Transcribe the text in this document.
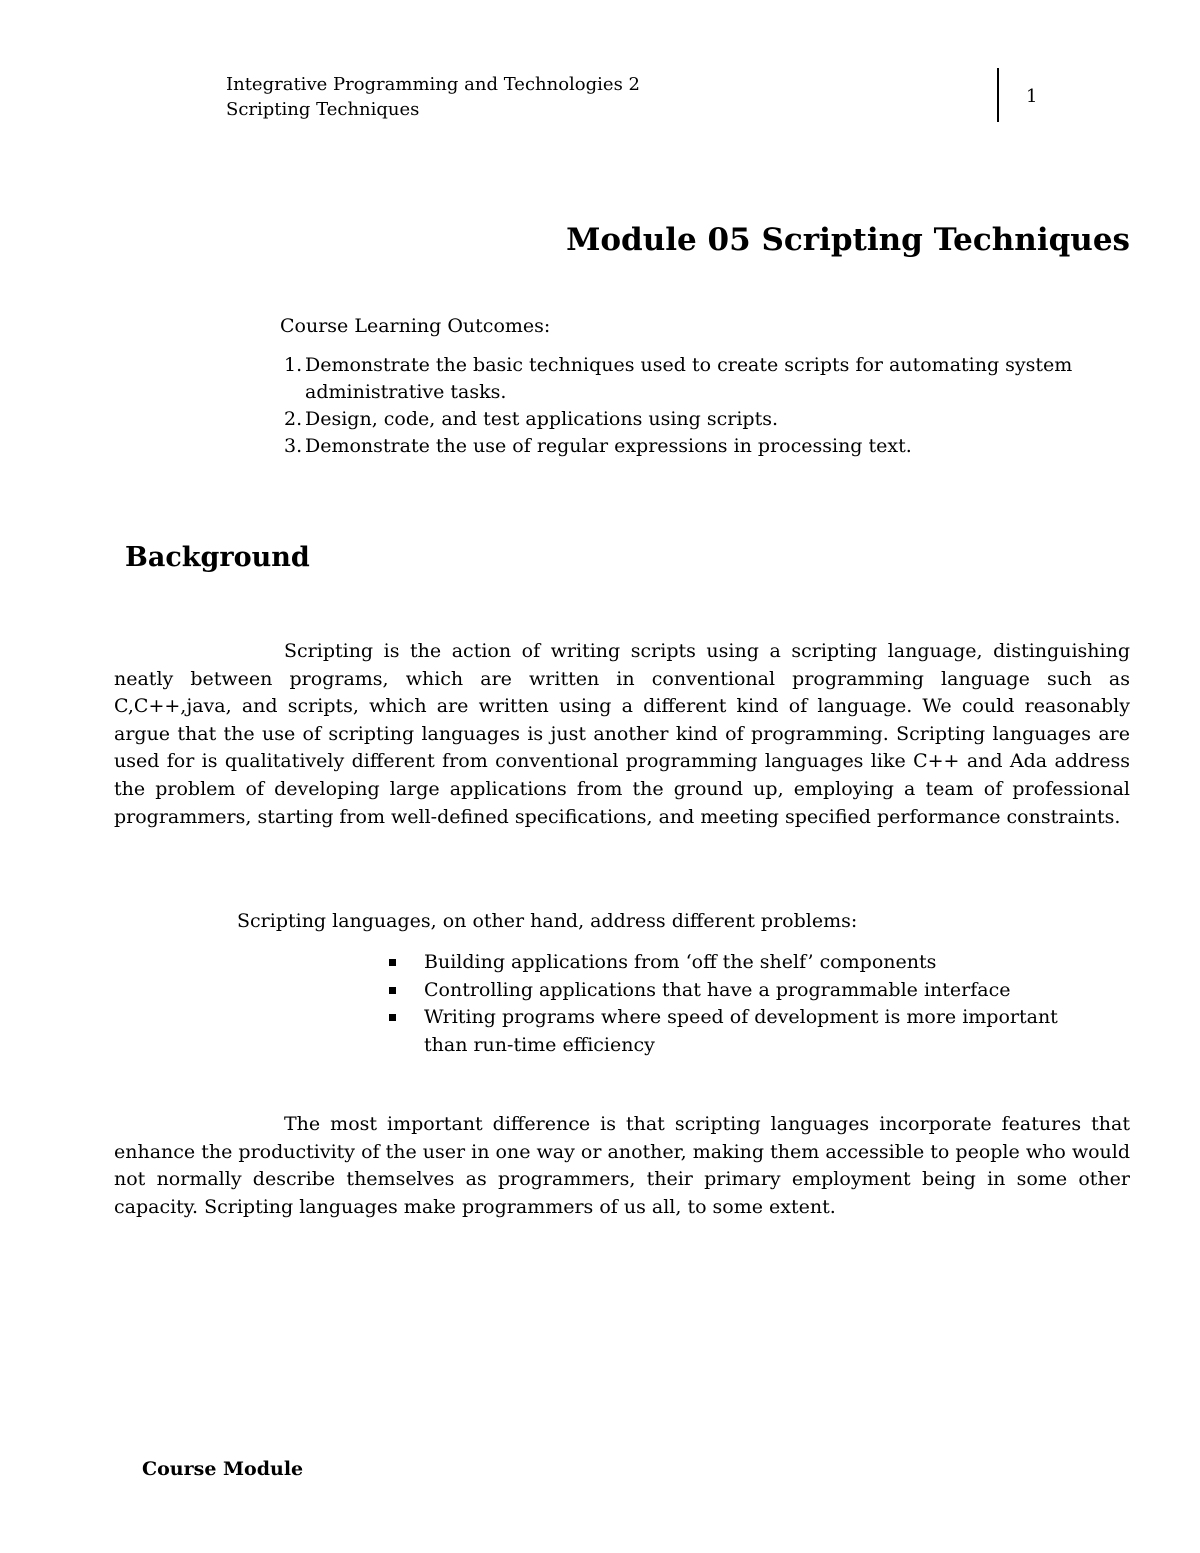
Integrative Programming and Technologies 2
Scripting Techniques
1
Module 05 Scripting Techniques
Course Learning Outcomes:
1. Demonstrate the basic techniques used to create scripts for automating system administrative tasks.
2. Design, code, and test applications using scripts.
3. Demonstrate the use of regular expressions in processing text.
Background

Scripting is the action of writing scripts using a scripting language, distinguishing neatly between programs, which are written in conventional programming language such as C,C++,java, and scripts, which are written using a different kind of language. We could reasonably argue that the use of scripting languages is just another kind of programming. Scripting languages are used for is qualitatively different from conventional programming languages like C++ and Ada address the problem of developing large applications from the ground up, employing a team of professional programmers, starting from well-defined specifications, and meeting specified performance constraints.

Scripting languages, on other hand, address different problems:
Building applications from ‘off the shelf’ components
Controlling applications that have a programmable interface
Writing programs where speed of development is more important than run-time efficiency

The most important difference is that scripting languages incorporate features that enhance the productivity of the user in one way or another, making them accessible to people who would not normally describe themselves as programmers, their primary employment being in some other capacity. Scripting languages make programmers of us all, to some extent.

Course Module
